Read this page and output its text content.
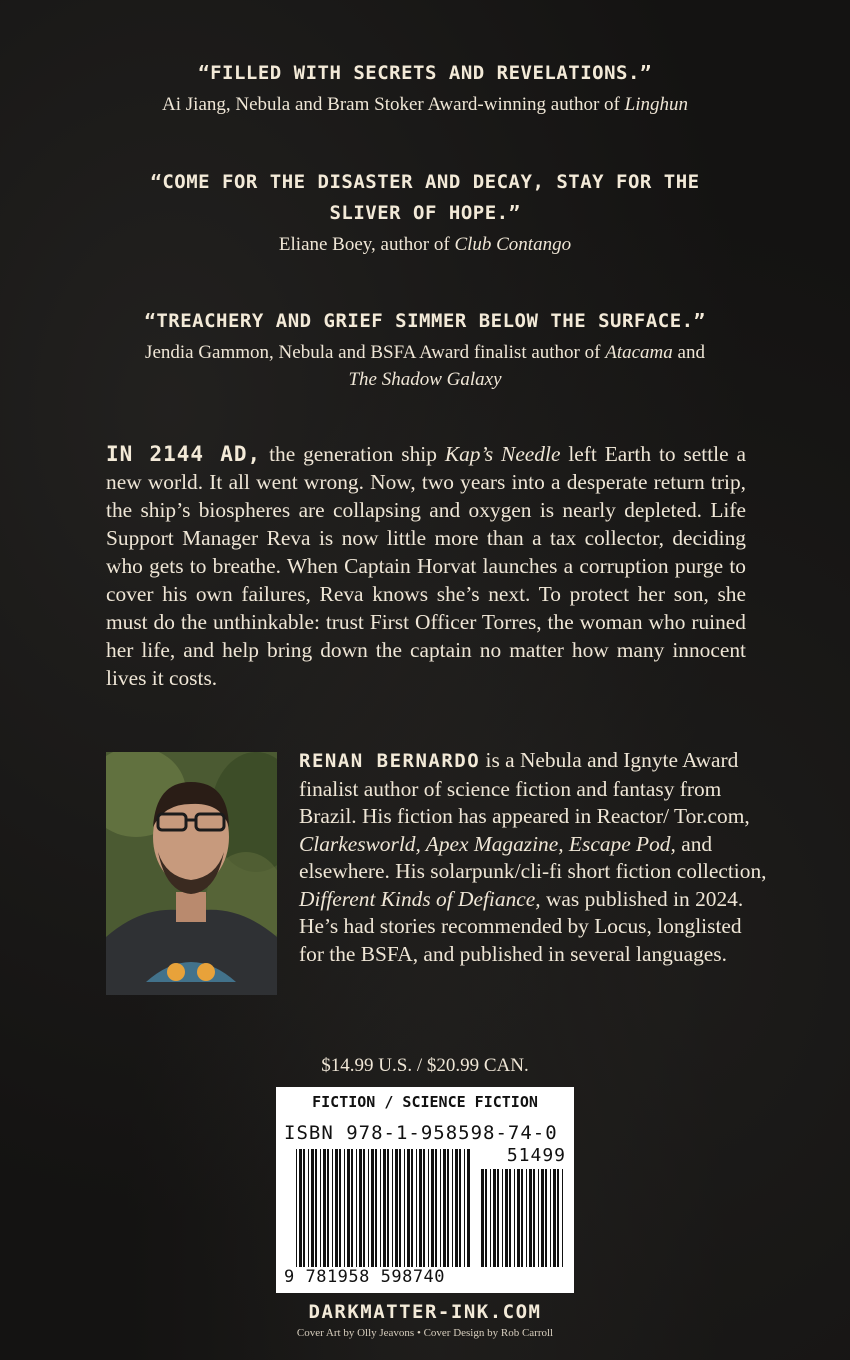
“FILLED WITH SECRETS AND REVELATIONS.”
Ai Jiang, Nebula and Bram Stoker Award-winning author of Linghun
“COME FOR THE DISASTER AND DECAY, STAY FOR THE
SLIVER OF HOPE.”
Eliane Boey, author of Club Contango
“TREACHERY AND GRIEF SIMMER BELOW THE SURFACE.”
Jendia Gammon, Nebula and BSFA Award finalist author of Atacama and
The Shadow Galaxy
IN 2144 AD, the generation ship Kap’s Needle left Earth to settle a new world. It all went wrong. Now, two years into a desperate return trip, the ship’s biospheres are collapsing and oxygen is nearly depleted. Life Support Manager Reva is now little more than a tax collector, deciding who gets to breathe. When Captain Horvat launches a corruption purge to cover his own failures, Reva knows she’s next. To protect her son, she must do the unthinkable: trust First Officer Torres, the woman who ruined her life, and help bring down the captain no matter how many innocent lives it costs.
RENAN BERNARDO is a Nebula and Ignyte Award finalist author of science fiction and fantasy from Brazil. His fiction has appeared in Reactor/ Tor.com, Clarkesworld, Apex Magazine, Escape Pod, and elsewhere. His solarpunk/cli-fi short fiction collection, Different Kinds of Defiance, was published in 2024. He’s had stories recommended by Locus, longlisted for the BSFA, and published in several languages.
$14.99 U.S. / $20.99 CAN.
FICTION / SCIENCE FICTION
ISBN 978-1-958598-74-0
51499
9 781958 598740
DARKMATTER-INK.COM
Cover Art by Olly Jeavons • Cover Design by Rob Carroll
